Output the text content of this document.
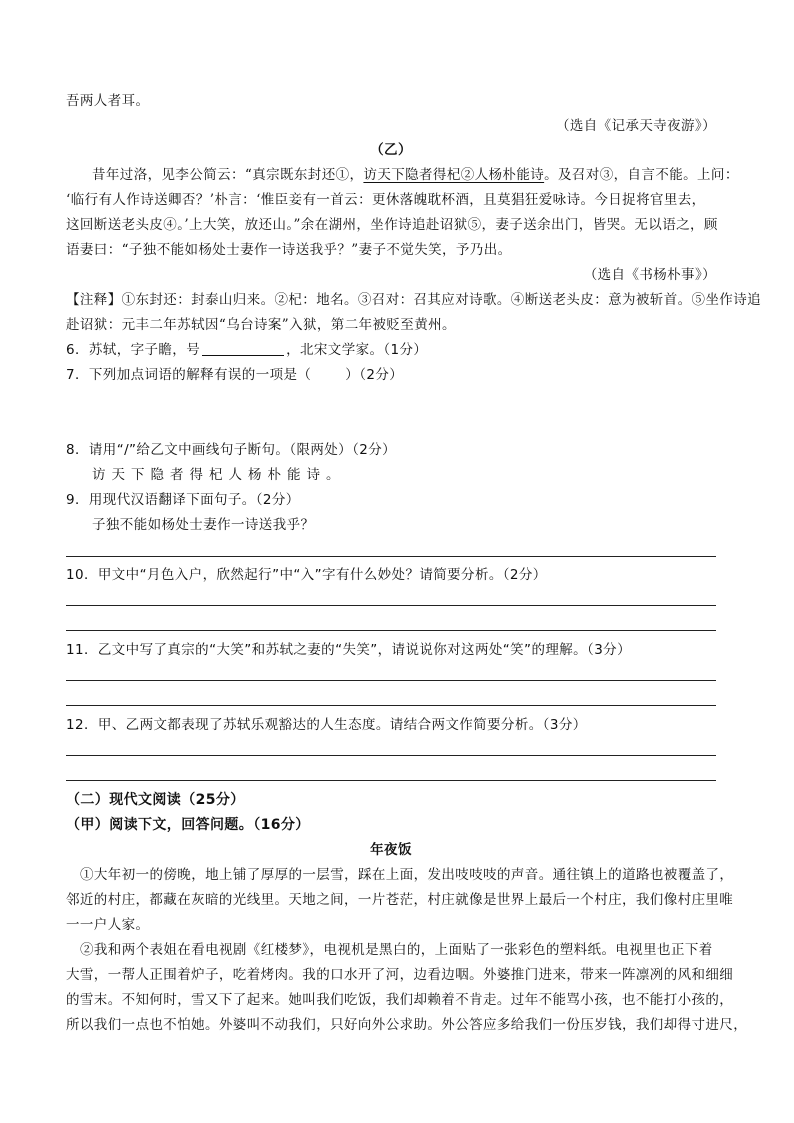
吾两人者耳。
（选自《记承天寺夜游》）
（乙）
昔年过洛，见李公简云：“真宗既东封还①，访天下隐者得杞②人杨朴能诗。及召对③，自言不能。上问：
‘临行有人作诗送卿否？’朴言：‘惟臣妾有一首云：更休落魄耽杯酒，且莫猖狂爱咏诗。今日捉将官里去，
这回断送老头皮④。’上大笑，放还山。”余在湖州，坐作诗追赴诏狱⑤，妻子送余出门，皆哭。无以语之，顾
语妻曰：“子独不能如杨处士妻作一诗送我乎？”妻子不觉失笑，予乃出。
（选自《书杨朴事》）
【注释】①东封还：封泰山归来。②杞：地名。③召对：召其应对诗歌。④断送老头皮：意为被斩首。⑤坐作诗追
赴诏狱：元丰二年苏轼因“乌台诗案”入狱，第二年被贬至黄州。
6．苏轼，字子瞻，号	，北宋文学家。（1分）
7．下列加点词语的解释有误的一项是（	）（2分）
8．请用“/”给乙文中画线句子断句。（限两处）（2分）
访天下隐者得杞人杨朴能诗。
9．用现代汉语翻译下面句子。（2分）
子独不能如杨处士妻作一诗送我乎？
10．甲文中“月色入户，欣然起行”中“入”字有什么妙处？请简要分析。（2分）
11．乙文中写了真宗的“大笑”和苏轼之妻的“失笑”，请说说你对这两处“笑”的理解。（3分）
12．甲、乙两文都表现了苏轼乐观豁达的人生态度。请结合两文作简要分析。（3分）
（二）现代文阅读（25分）
（甲）阅读下文，回答问题。（16分）
年夜饭
①大年初一的傍晚，地上铺了厚厚的一层雪，踩在上面，发出吱吱吱的声音。通往镇上的道路也被覆盖了，
邻近的村庄，都藏在灰暗的光线里。天地之间，一片苍茫，村庄就像是世界上最后一个村庄，我们像村庄里唯
一一户人家。
②我和两个表姐在看电视剧《红楼梦》，电视机是黑白的，上面贴了一张彩色的塑料纸。电视里也正下着
大雪，一帮人正围着炉子，吃着烤肉。我的口水开了河，边看边咽。外婆推门进来，带来一阵凛冽的风和细细
的雪末。不知何时，雪又下了起来。她叫我们吃饭，我们却赖着不肯走。过年不能骂小孩，也不能打小孩的，
所以我们一点也不怕她。外婆叫不动我们，只好向外公求助。外公答应多给我们一份压岁钱，我们却得寸进尺，
